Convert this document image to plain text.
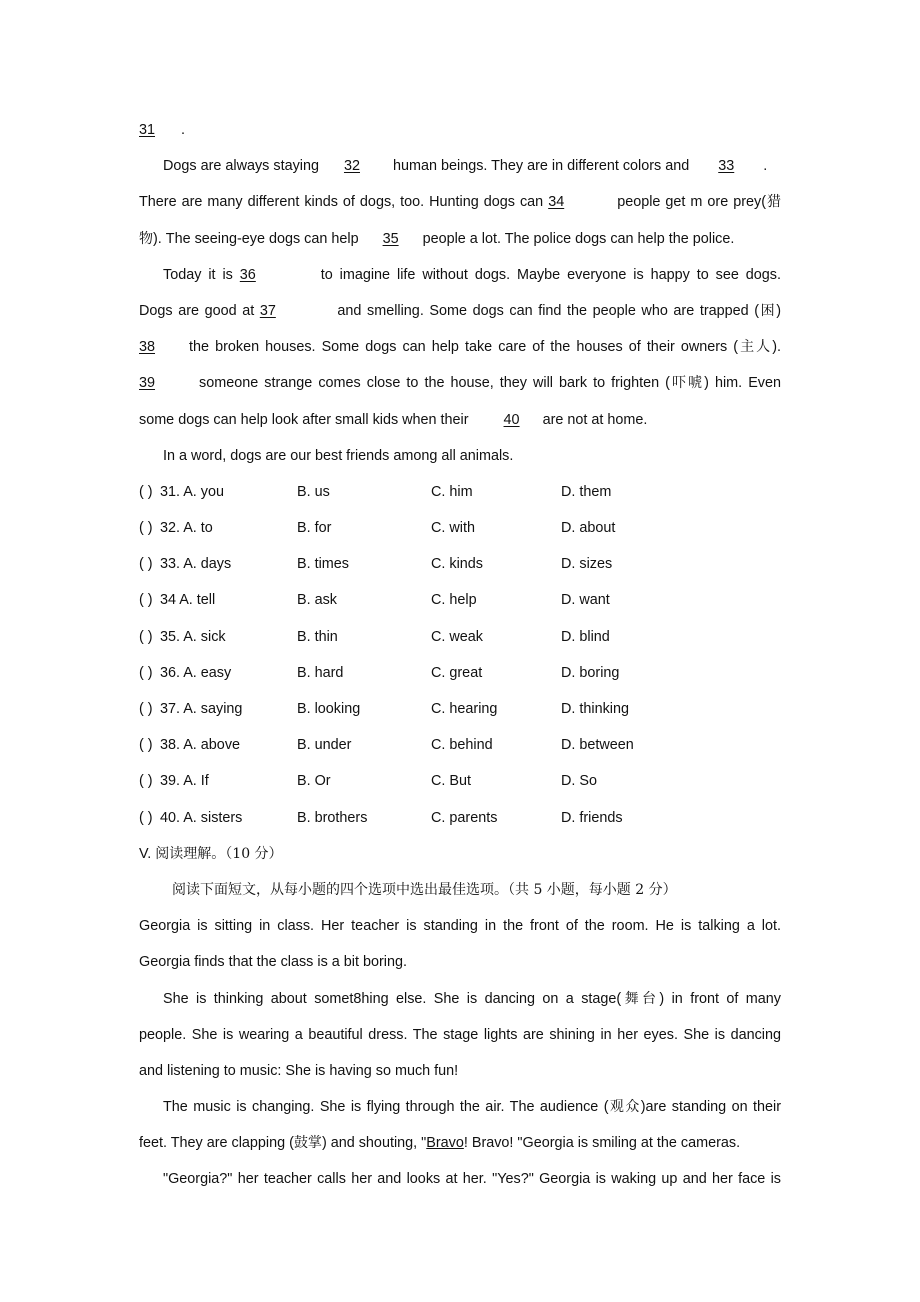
31 .
Dogs are always staying 32 human beings. They are in different colors and 33 .
There are many different kinds of dogs, too. Hunting dogs can 34	people get m ore prey(猎
物). The seeing-eye dogs can help 35 people a lot. The police dogs can help the police.
Today it is 36	to imagine life without dogs. Maybe everyone is happy to see dogs.
Dogs are good at 37	and smelling. Some dogs can find the people who are trapped (困)
38 the broken houses. Some dogs can help take care of the houses of their owners (主人).
39	someone strange comes close to the house, they will bark to frighten (吓唬) him. Even
some dogs can help look after small kids when their 40 are not at home.
In a word, dogs are our best friends among all animals.
( ) 31. A. you	B. us	C. him	D. them
( ) 32. A. to	B. for	C. with	D. about
( ) 33. A. days	B. times	C. kinds	D. sizes
( ) 34 A. tell	B. ask	C. help	D. want
( ) 35. A. sick	B. thin	C. weak	D. blind
( ) 36. A. easy	B. hard	C. great	D. boring
( ) 37. A. saying	B. looking	C. hearing	D. thinking
( ) 38. A. above	B. under	C. behind	D. between
( ) 39. A. If	B. Or	C. But	D. So
( ) 40. A. sisters	B. brothers	C. parents	D. friends
V. 阅读理解。（10 分）
阅读下面短文，从每小题的四个选项中选出最佳选项。（共 5 小题，每小题 2 分）
Georgia is sitting in class. Her teacher is standing in the front of the room. He is talking a lot.
Georgia finds that the class is a bit boring.
She is thinking about somet8hing else. She is dancing on a stage(舞台) in front of many
people. She is wearing a beautiful dress. The stage lights are shining in her eyes. She is dancing
and listening to music: She is having so much fun!
The music is changing. She is flying through the air. The audience (观众)are standing on their
feet. They are clapping (鼓掌) and shouting, "Bravo! Bravo! "Georgia is smiling at the cameras.
"Georgia?" her teacher calls her and looks at her. "Yes?" Georgia is waking up and her face is
